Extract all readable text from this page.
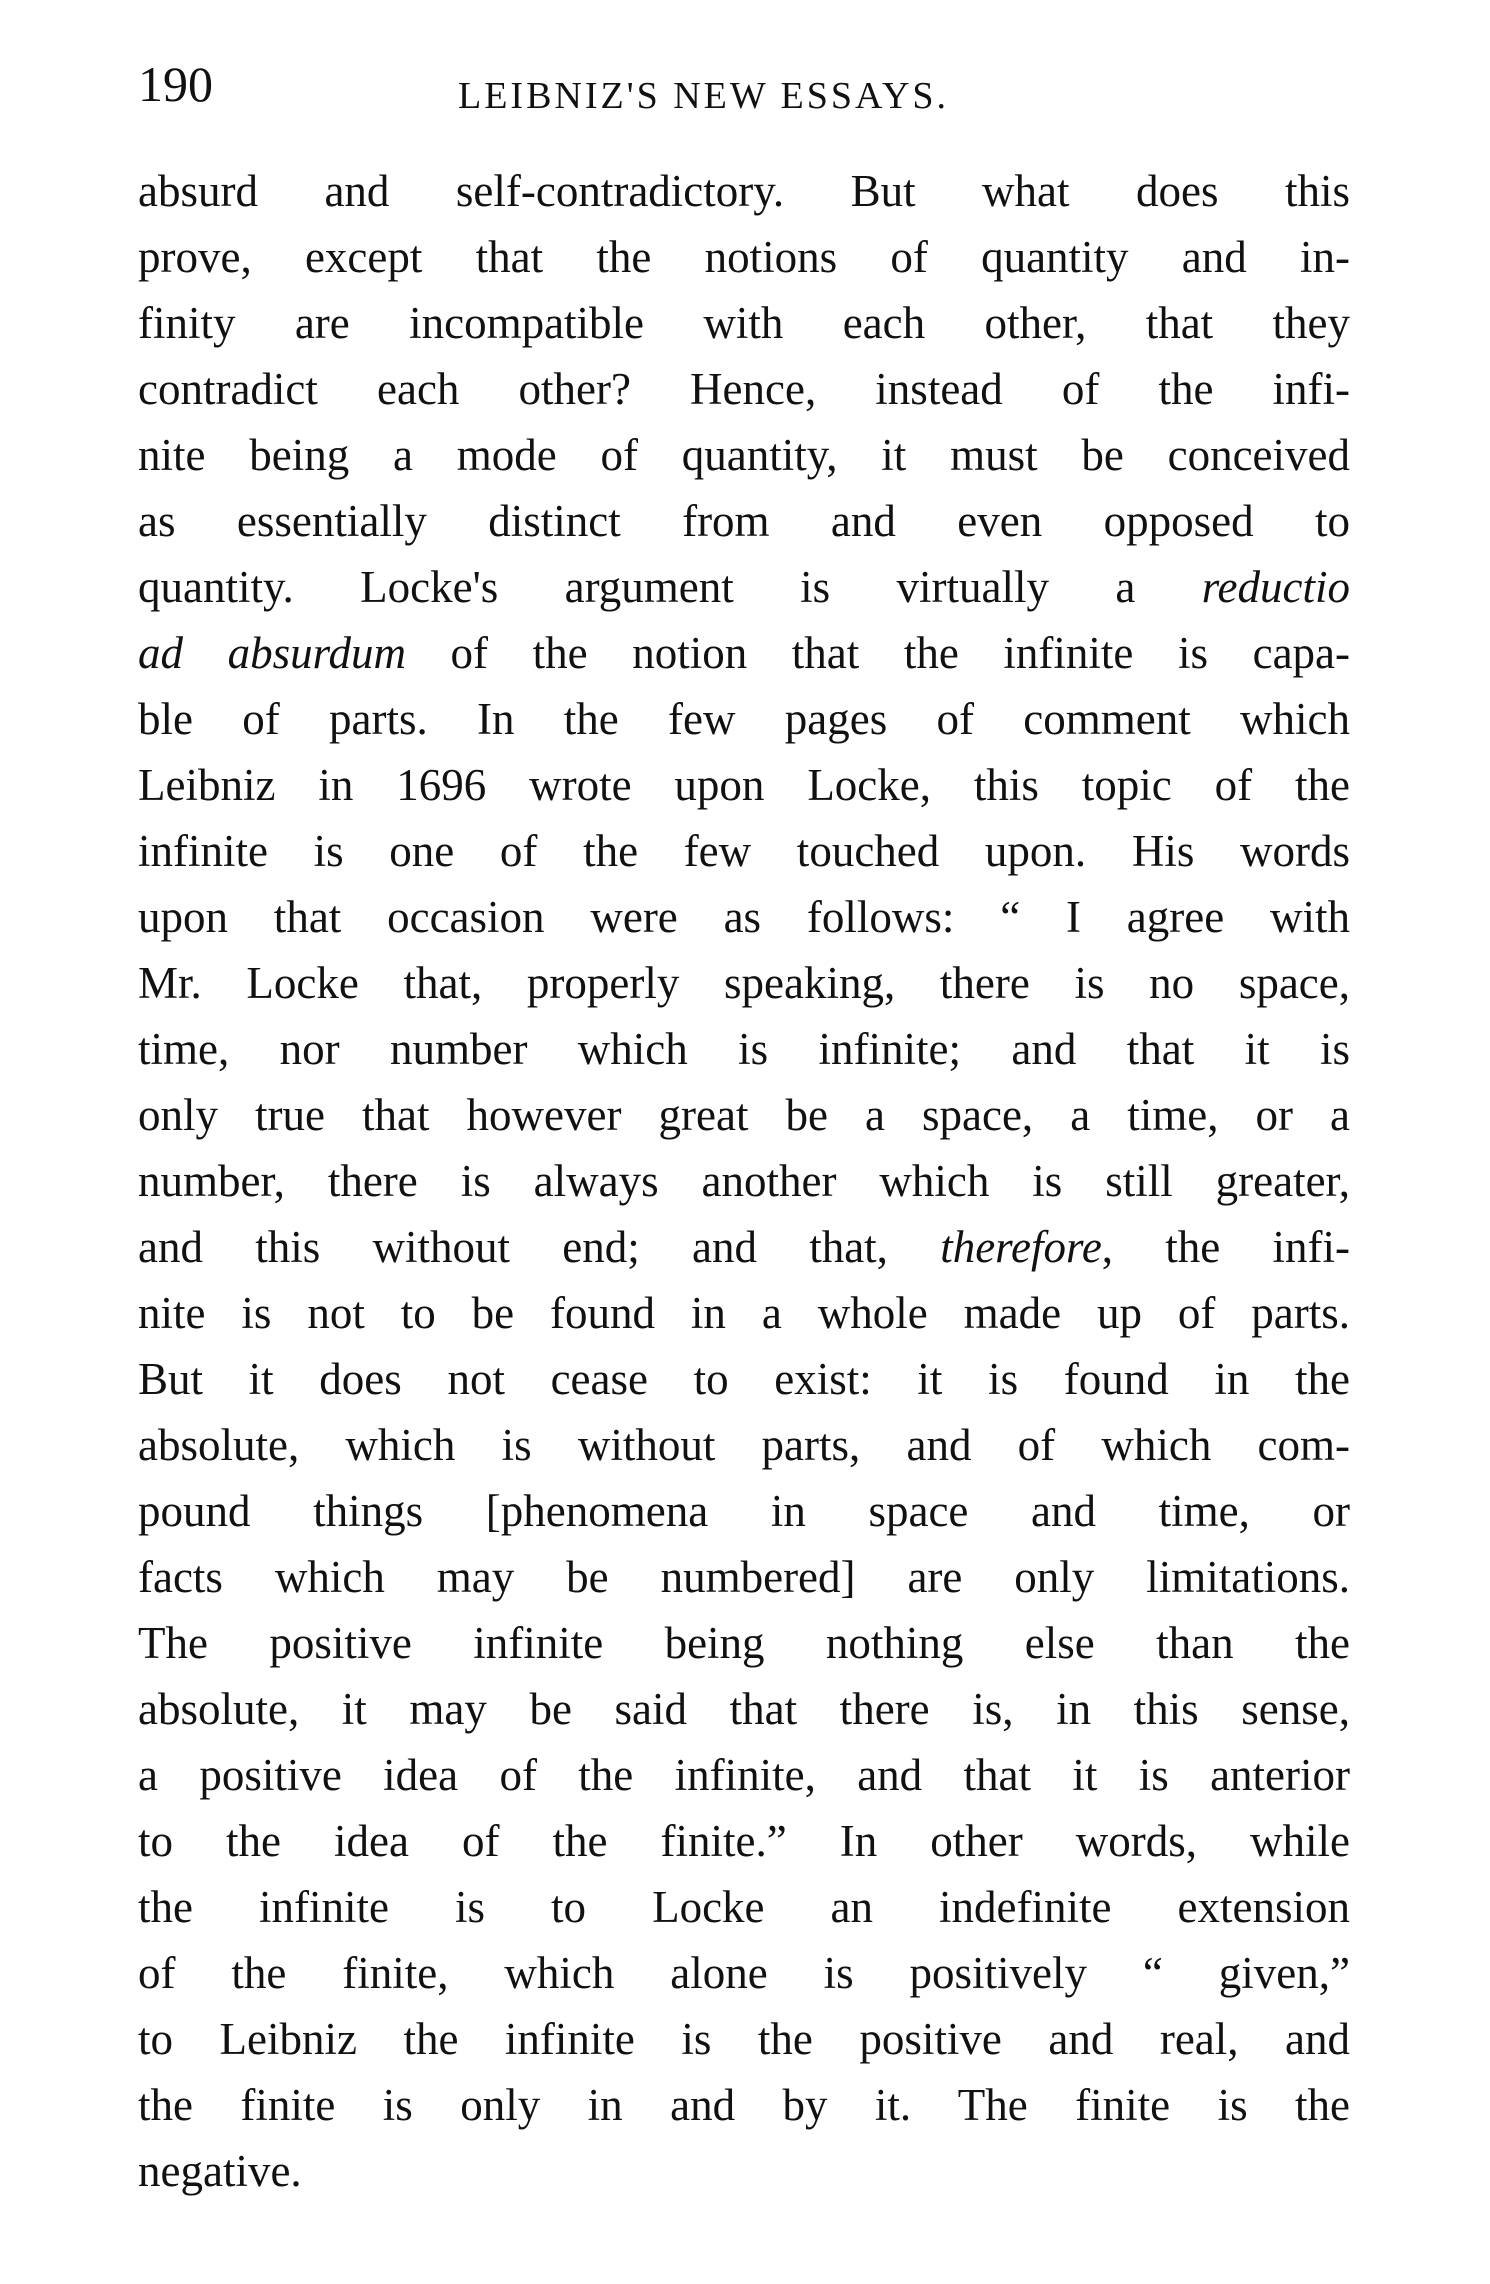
190	LEIBNIZ'S NEW ESSAYS.
absurd and self-contradictory. But what does this
prove, except that the notions of quantity and in-
finity are incompatible with each other, that they
contradict each other? Hence, instead of the infi-
nite being a mode of quantity, it must be conceived
as essentially distinct from and even opposed to
quantity. Locke's argument is virtually a reductio
ad absurdum of the notion that the infinite is capa-
ble of parts. In the few pages of comment which
Leibniz in 1696 wrote upon Locke, this topic of the
infinite is one of the few touched upon. His words
upon that occasion were as follows: “ I agree with
Mr. Locke that, properly speaking, there is no space,
time, nor number which is infinite; and that it is
only true that however great be a space, a time, or a
number, there is always another which is still greater,
and this without end; and that, therefore, the infi-
nite is not to be found in a whole made up of parts.
But it does not cease to exist: it is found in the
absolute, which is without parts, and of which com-
pound things [phenomena in space and time, or
facts which may be numbered] are only limitations.
The positive infinite being nothing else than the
absolute, it may be said that there is, in this sense,
a positive idea of the infinite, and that it is anterior
to the idea of the finite.” In other words, while
the infinite is to Locke an indefinite extension
of the finite, which alone is positively “ given,”
to Leibniz the infinite is the positive and real, and
the finite is only in and by it. The finite is the
negative.
